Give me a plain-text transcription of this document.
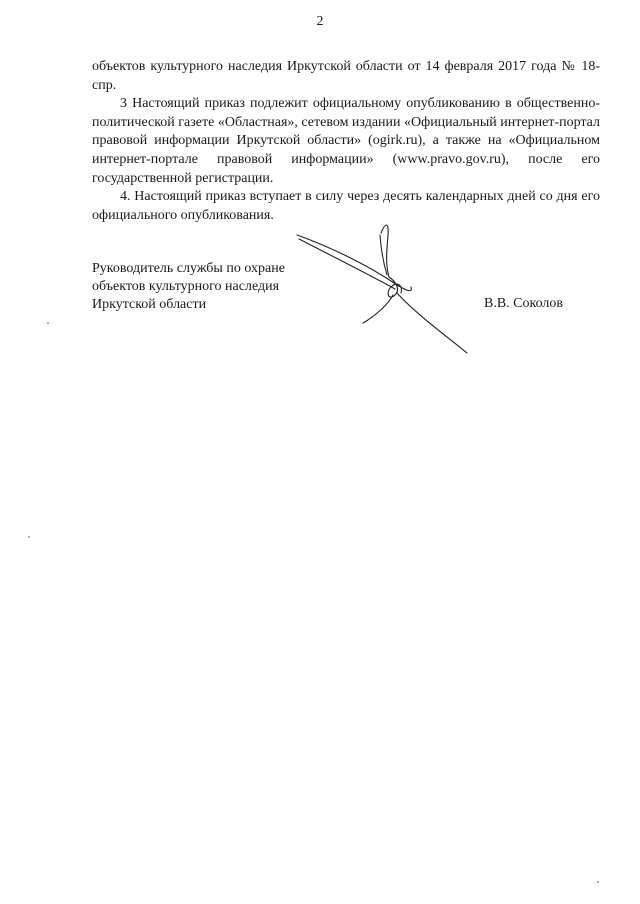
2

объектов культурного наследия Иркутской области от 14 февраля 2017 года № 18-спр.

3 Настоящий приказ подлежит официальному опубликованию в общественно-политической газете «Областная», сетевом издании «Официальный интернет-портал правовой информации Иркутской области» (ogirk.ru), а также на «Официальном интернет-портале правовой информации» (www.pravo.gov.ru), после его государственной регистрации.

4. Настоящий приказ вступает в силу через десять календарных дней со дня его официального опубликования.

Руководитель службы по охране
объектов культурного наследия
Иркутской области	В.В. Соколов
